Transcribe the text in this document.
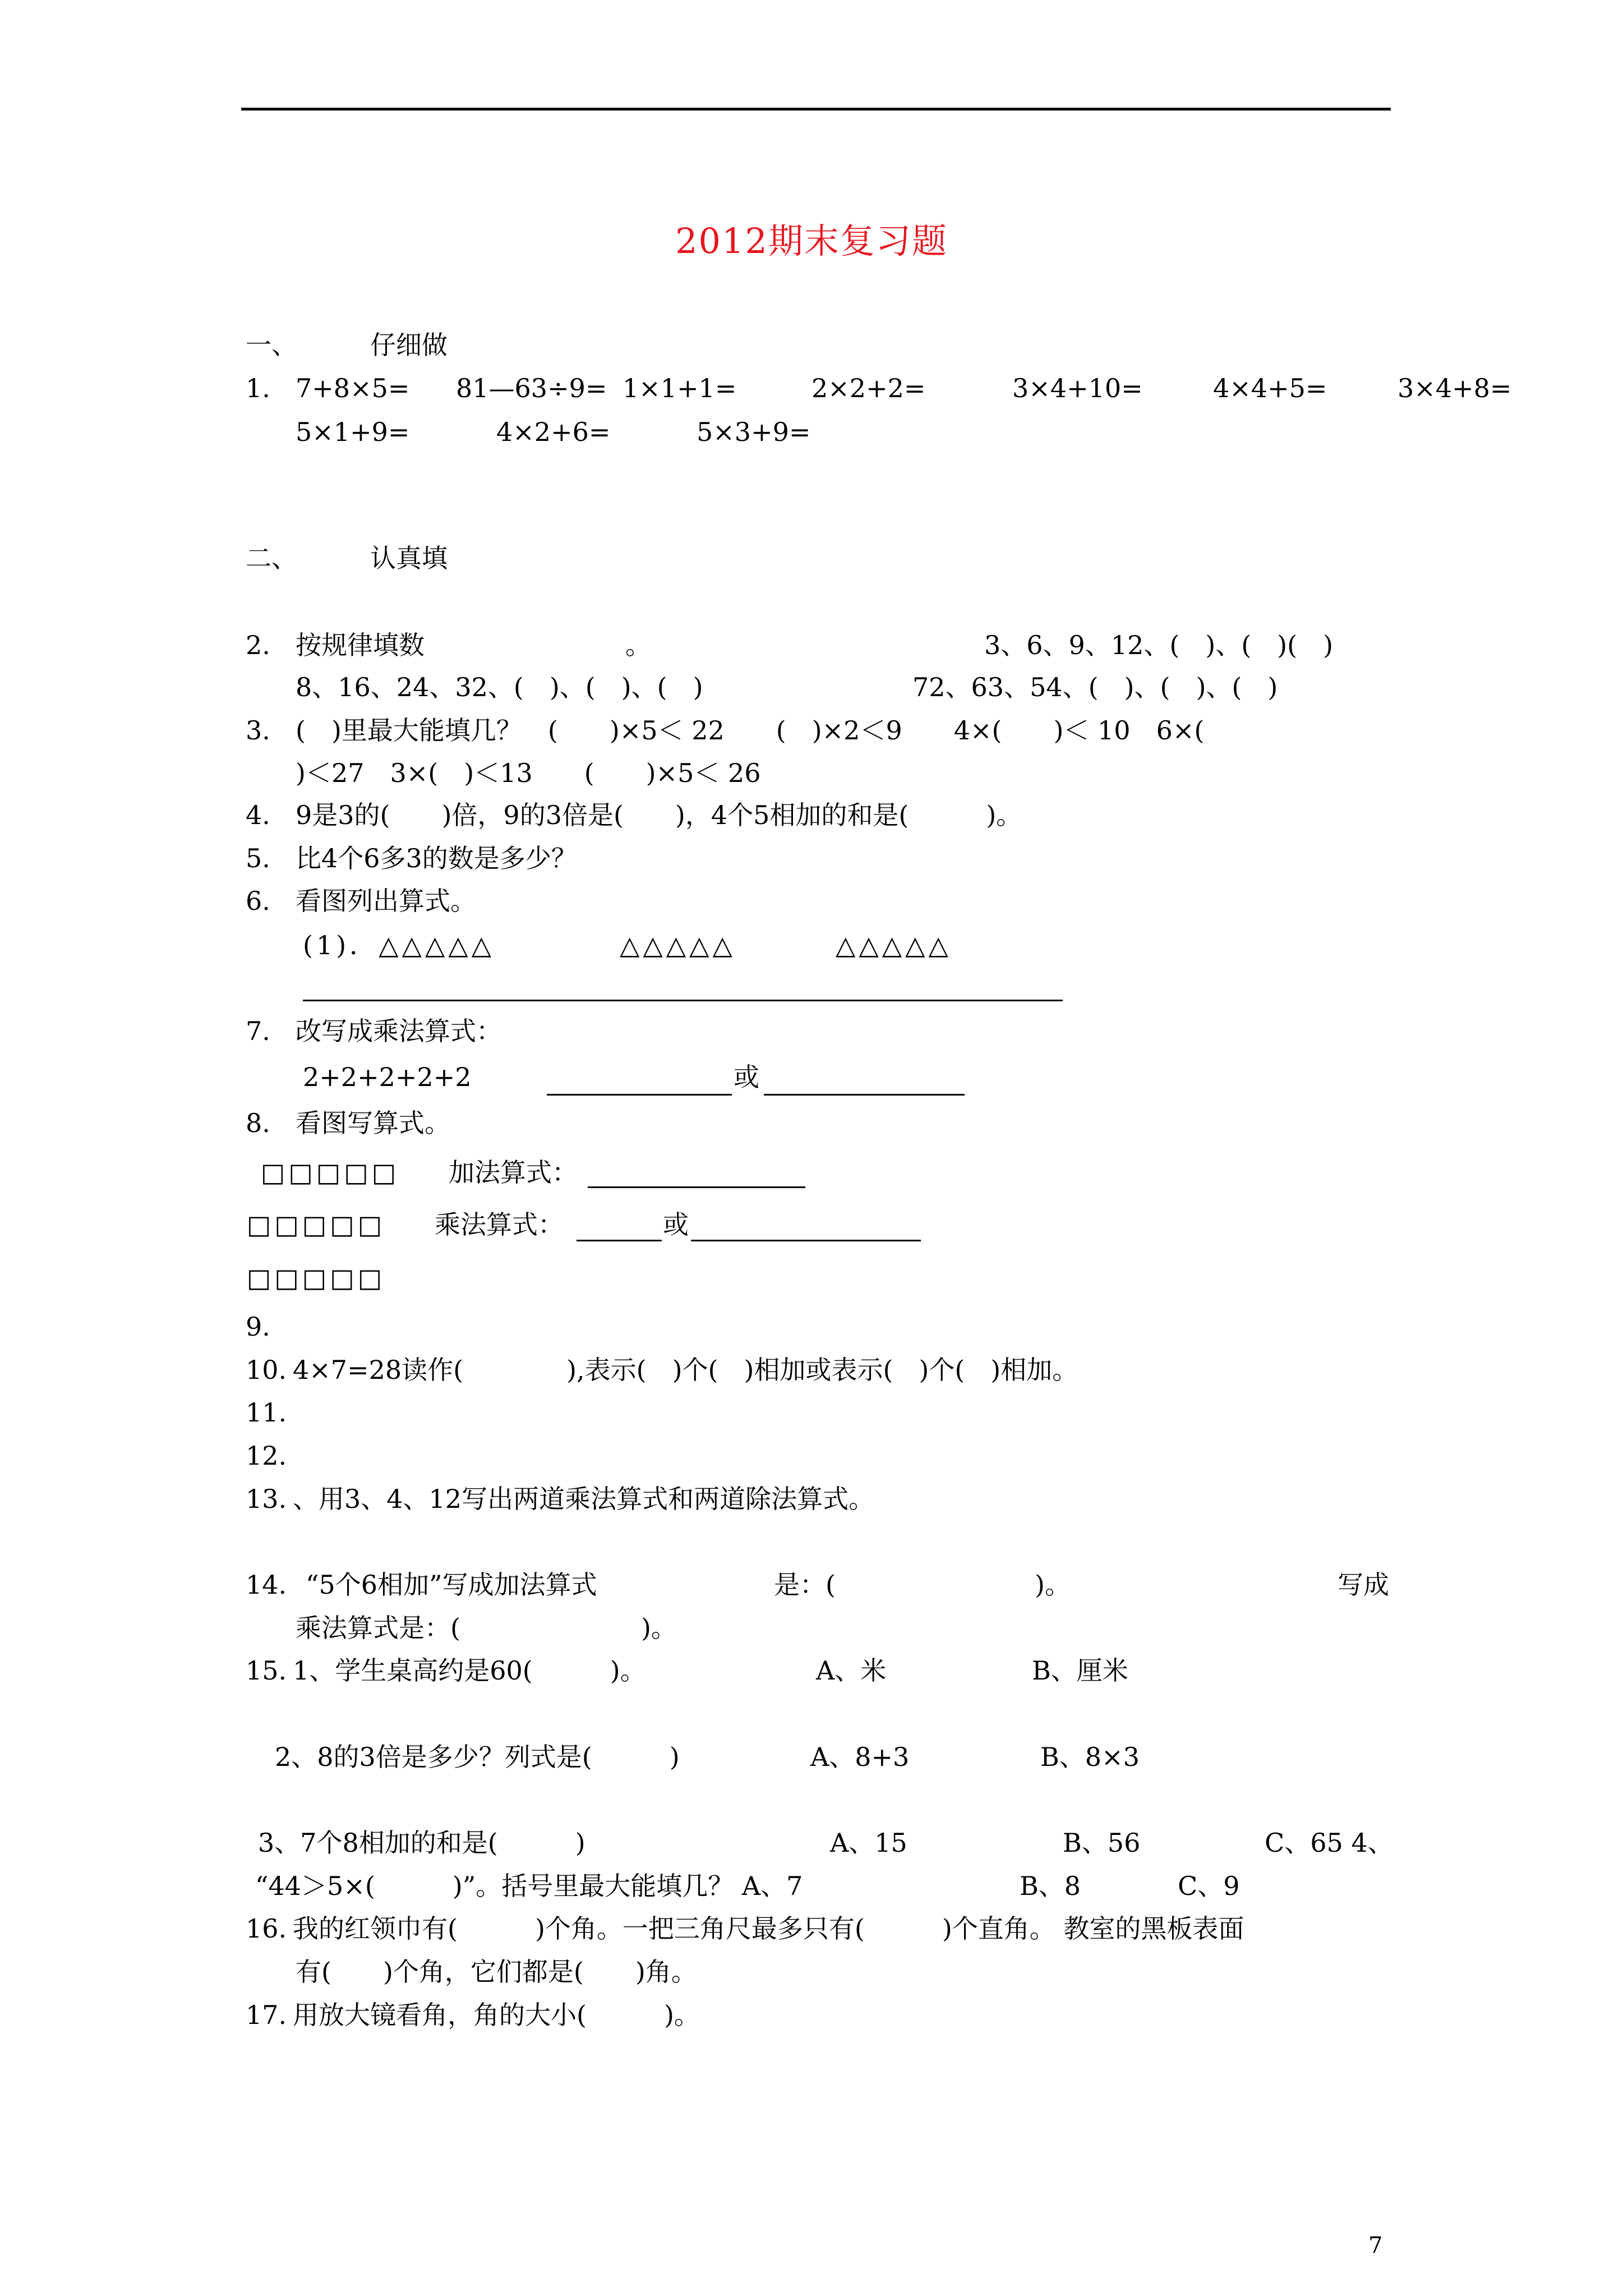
2012期末复习题
一、	仔细做
1. 7+8×5= 81—63÷9= 1×1+1=	2×2+2=	3×4+10=	4×4+5=	3×4+8=
5×1+9=	4×2+6=	5×3+9=
二、	认真填
2. 按规律填数	。	3、6、9、12、(　)、(　)(　)
8、16、24、32、(　)、(　)、(　)	72、63、54、(　)、(　)、(　)
3. (　)里最大能填几？　(　　)×5＜ 22　　(　)×2＜9　　4×(　　)＜ 10　6×(
)＜27　3×(　)＜13　　(　　)×5＜ 26
4. 9是3的(　　)倍，9的3倍是(　　)，4个5相加的和是(　　　)。
5. 比4个6多3的数是多少？
6. 看图列出算式。
(1)．△△△△△	△△△△△	△△△△△
7. 改写成乘法算式：
2+2+2+2+2	或
8. 看图写算式。
□□□□□ 加法算式：
□□□□□ 乘法算式：	或
□□□□□
9.
10. 4×7=28读作(　　　　),表示(　)个(　)相加或表示(　)个(　)相加。
11.
12.
13. 、用3、4、12写出两道乘法算式和两道除法算式。
14. “5个6相加”写成加法算式	是：(	)。	写成
乘法算式是：(　　　　　　　)。
15. 1、学生桌高约是60(　　　)。	A、米	B、厘米
2、8的3倍是多少？列式是(　　　)	A、8+3	B、8×3
3、7个8相加的和是(　　　)	A、15	B、56	C、65 4、
“44＞5×(　　　)”。括号里最大能填几？ A、7	B、8	C、9
16. 我的红领巾有(　　　)个角。一把三角尺最多只有(　　　)个直角。 教室的黑板表面
有(　　)个角，它们都是(　　)角。
17. 用放大镜看角，角的大小(　　　)。
7
